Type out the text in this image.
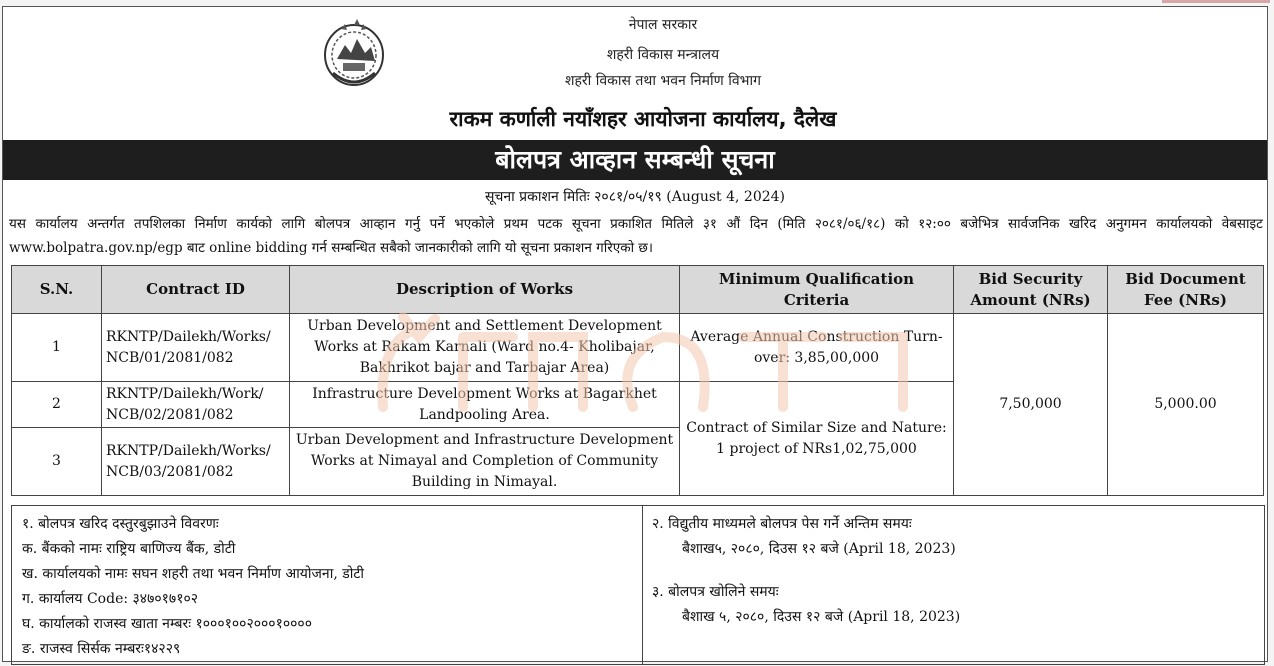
नेपाल सरकार
शहरी विकास मन्त्रालय
शहरी विकास तथा भवन निर्माण विभाग
राकम कर्णाली नयाँशहर आयोजना कार्यालय, दैलेख
बोलपत्र आव्हान सम्बन्धी सूचना
सूचना प्रकाशन मितिः २०८१/०५/१९ (August 4, 2024)
यस कार्यालय अन्तर्गत तपशिलका निर्माण कार्यको लागि बोलपत्र आव्हान गर्नु पर्ने भएकोले प्रथम पटक सूचना प्रकाशित मितिले ३१ औं दिन (मिति २०८१/०६/१८) को १२:०० बजेभित्र सार्वजनिक खरिद अनुगमन कार्यालयको वेबसाइट www.bolpatra.gov.np/egp बाट online bidding गर्न सम्बन्धित सबैको जानकारीको लागि यो सूचना प्रकाशन गरिएको छ।
S.N.	Contract ID	Description of Works	Minimum Qualification Criteria	Bid Security Amount (NRs)	Bid Document Fee (NRs)
1	RKNTP/Dailekh/Works/ NCB/01/2081/082	Urban Development and Settlement Development Works at Rakam Karnali (Ward no.4- Kholibajar, Bakhrikot bajar and Tarbajar Area)	Average Annual Construction Turn-over: 3,85,00,000	7,50,000	5,000.00
2	RKNTP/Dailekh/Work/ NCB/02/2081/082	Infrastructure Development Works at Bagarkhet Landpooling Area.	Contract of Similar Size and Nature: 1 project of NRs1,02,75,000		
3	RKNTP/Dailekh/Works/ NCB/03/2081/082	Urban Development and Infrastructure Development Works at Nimayal and Completion of Community Building in Nimayal.			
१. बोलपत्र खरिद दस्तुरबुझाउने विवरणः
क. बैंकको नामः राष्ट्रिय बाणिज्य बैंक, डोटी
ख. कार्यालयको नामः सघन शहरी तथा भवन निर्माण आयोजना, डोटी
ग. कार्यालय Code: ३४७०१७१०२
घ. कार्यालको राजस्व खाता नम्बरः १०००१००२०००१००००
ङ. राजस्व सिर्सक नम्बरः१४२२९
२. विद्युतीय माध्यमले बोलपत्र पेस गर्ने अन्तिम समयः
बैशाख५, २०८०, दिउस १२ बजे (April 18, 2023)
३. बोलपत्र खोलिने समयः
बैशाख ५, २०८०, दिउस १२ बजे (April 18, 2023)
